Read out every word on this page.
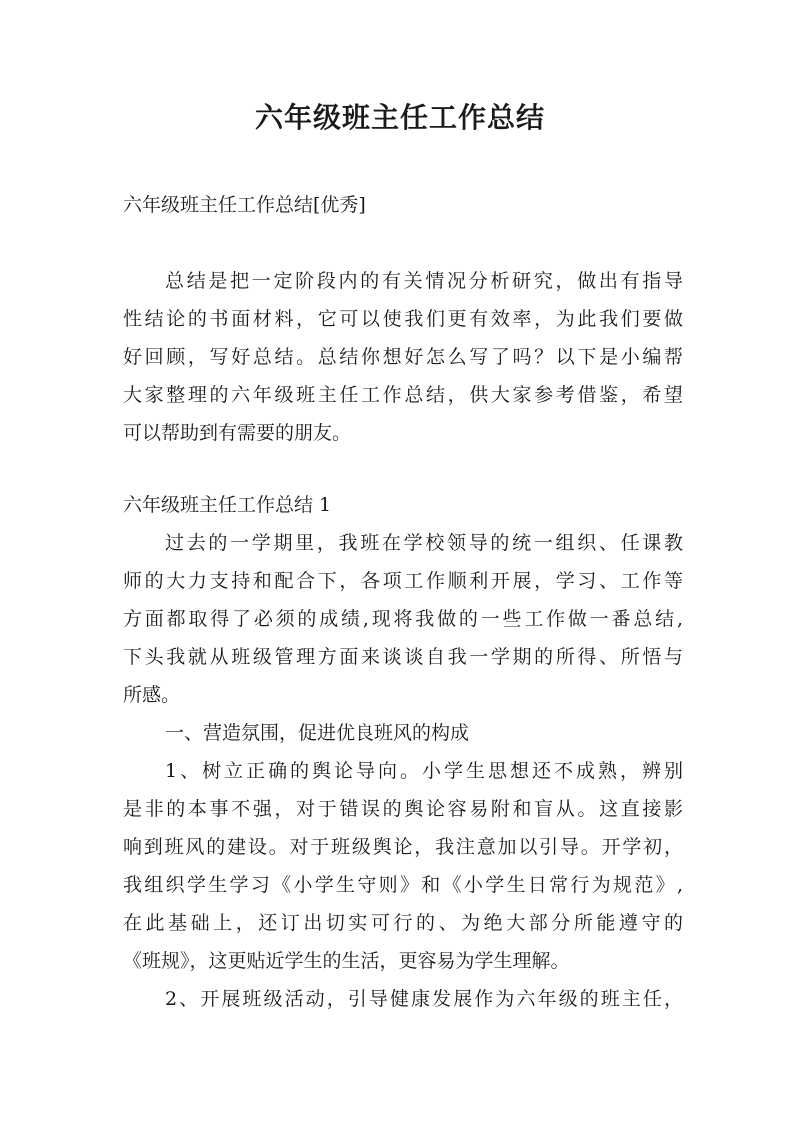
六年级班主任工作总结
六年级班主任工作总结[优秀]
总结是把一定阶段内的有关情况分析研究，做出有指导
性结论的书面材料，它可以使我们更有效率，为此我们要做
好回顾，写好总结。总结你想好怎么写了吗？以下是小编帮
大家整理的六年级班主任工作总结，供大家参考借鉴，希望
可以帮助到有需要的朋友。
六年级班主任工作总结 1
过去的一学期里，我班在学校领导的统一组织、任课教
师的大力支持和配合下，各项工作顺利开展，学习、工作等
方面都取得了必须的成绩,现将我做的一些工作做一番总结,
下头我就从班级管理方面来谈谈自我一学期的所得、所悟与
所感。
一、营造氛围，促进优良班风的构成
1、树立正确的舆论导向。小学生思想还不成熟，辨别
是非的本事不强，对于错误的舆论容易附和盲从。这直接影
响到班风的建设。对于班级舆论，我注意加以引导。开学初，
我组织学生学习《小学生守则》和《小学生日常行为规范》,
在此基础上，还订出切实可行的、为绝大部分所能遵守的
《班规》，这更贴近学生的生活，更容易为学生理解。
2、开展班级活动，引导健康发展作为六年级的班主任，
